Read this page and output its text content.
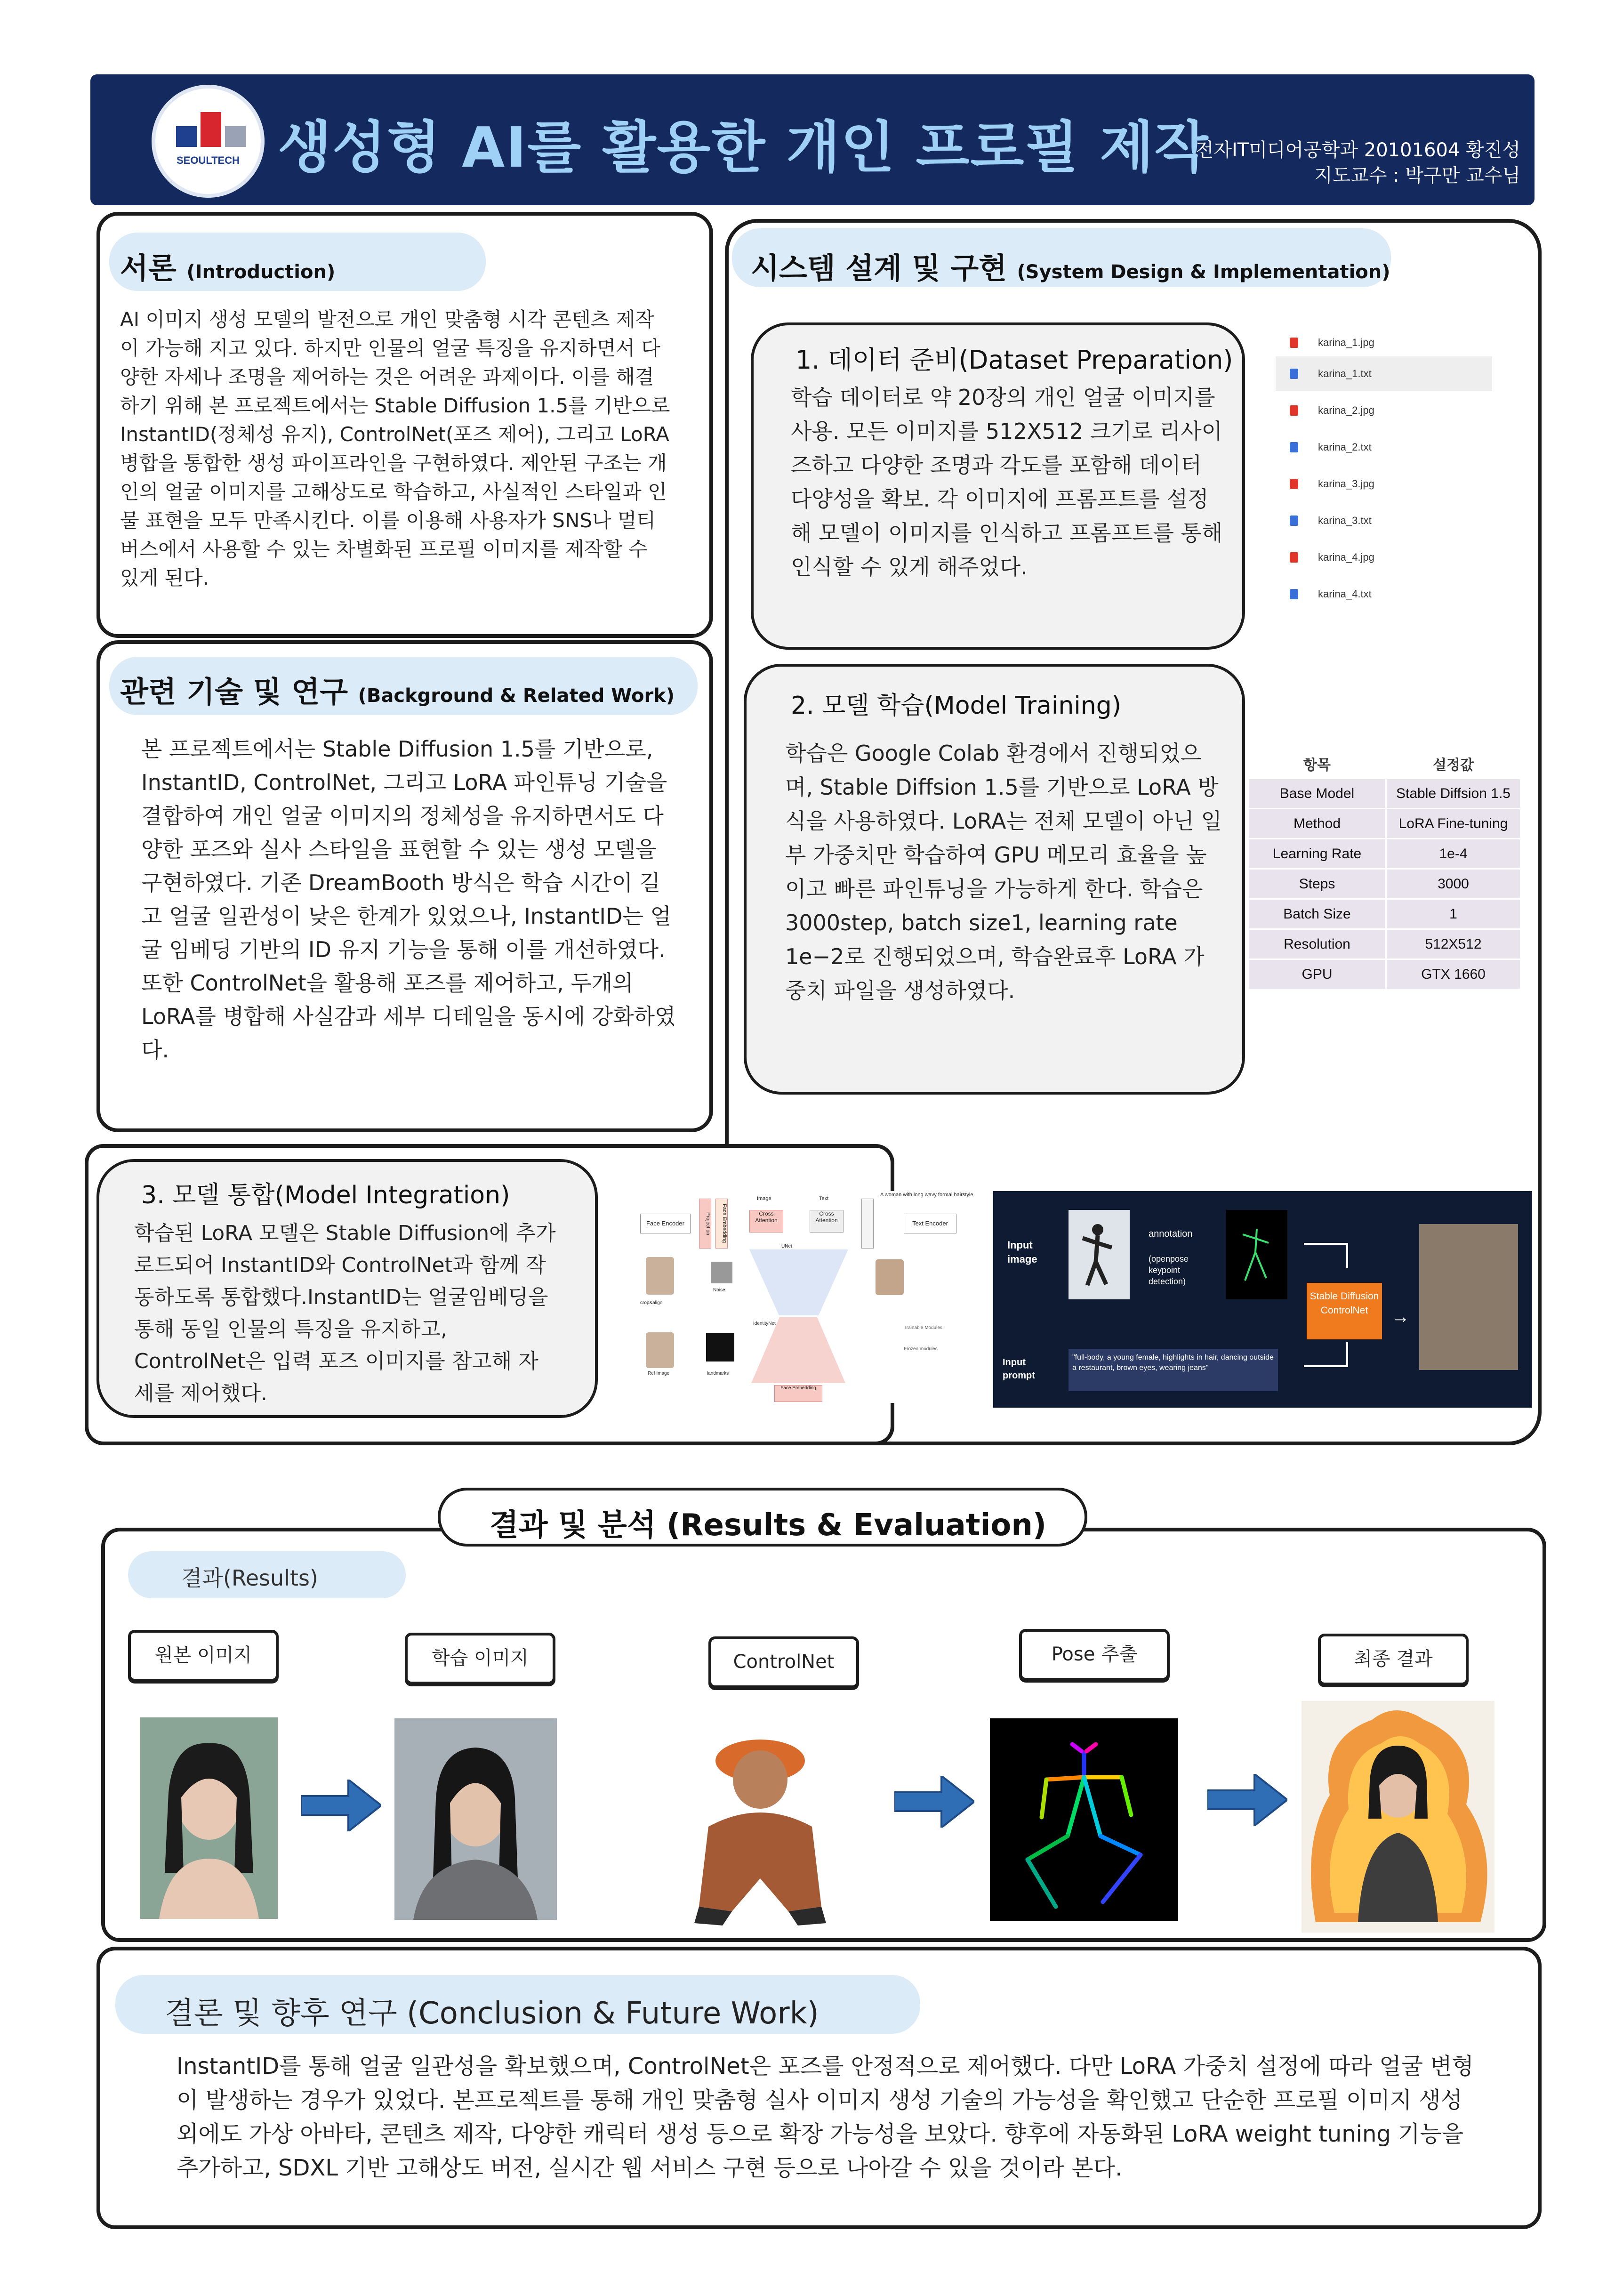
SEOULTECH 생성형 AI를 활용한 개인 프로필 제작
전자IT미디어공학과 20101604 황진성
지도교수 : 박구만 교수님
서론 (Introduction)
AI 이미지 생성 모델의 발전으로 개인 맞춤형 시각 콘텐츠 제작이 가능해 지고 있다. 하지만 인물의 얼굴 특징을 유지하면서 다양한 자세나 조명을 제어하는 것은 어려운 과제이다. 이를 해결하기 위해 본 프로젝트에서는 Stable Diffusion 1.5를 기반으로 InstantID(정체성 유지), ControlNet(포즈 제어), 그리고 LoRA 병합을 통합한 생성 파이프라인을 구현하였다. 제안된 구조는 개인의 얼굴 이미지를 고해상도로 학습하고, 사실적인 스타일과 인물 표현을 모두 만족시킨다. 이를 이용해 사용자가 SNS나 멀티버스에서 사용할 수 있는 차별화된 프로필 이미지를 제작할 수 있게 된다.
관련 기술 및 연구 (Background & Related Work)
본 프로젝트에서는 Stable Diffusion 1.5를 기반으로, InstantID, ControlNet, 그리고 LoRA 파인튜닝 기술을 결합하여 개인 얼굴 이미지의 정체성을 유지하면서도 다양한 포즈와 실사 스타일을 표현할 수 있는 생성 모델을 구현하였다. 기존 DreamBooth 방식은 학습 시간이 길고 얼굴 일관성이 낮은 한계가 있었으나, InstantID는 얼굴 임베딩 기반의 ID 유지 기능을 통해 이를 개선하였다. 또한 ControlNet을 활용해 포즈를 제어하고, 두개의 LoRA를 병합해 사실감과 세부 디테일을 동시에 강화하였다.
시스템 설계 및 구현 (System Design & Implementation)
1. 데이터 준비(Dataset Preparation)
학습 데이터로 약 20장의 개인 얼굴 이미지를 사용. 모든 이미지를 512X512 크기로 리사이즈하고 다양한 조명과 각도를 포함해 데이터 다양성을 확보. 각 이미지에 프롬프트를 설정해 모델이 이미지를 인식하고 프롬프트를 통해 인식할 수 있게 해주었다.
karina_1.jpg
karina_1.txt
karina_2.jpg
karina_2.txt
karina_3.jpg
karina_3.txt
karina_4.jpg
karina_4.txt
2. 모델 학습(Model Training)
학습은 Google Colab 환경에서 진행되었으며, Stable Diffsion 1.5를 기반으로 LoRA 방식을 사용하였다. LoRA는 전체 모델이 아닌 일부 가중치만 학습하여 GPU 메모리 효율을 높이고 빠른 파인튜닝을 가능하게 한다. 학습은 3000step, batch size1, learning rate 1e−2로 진행되었으며, 학습완료후 LoRA 가중치 파일을 생성하였다.
항목	설정값
Base Model	Stable Diffsion 1.5
Method	LoRA Fine-tuning
Learning Rate	1e-4
Steps	3000
Batch Size	1
Resolution	512X512
GPU	GTX 1660
3. 모델 통합(Model Integration)
학습된 LoRA 모델은 Stable Diffusion에 추가로드되어 InstantID와 ControlNet과 함께 작동하도록 통합했다.InstantID는 얼굴임베딩을 통해 동일 인물의 특징을 유지하고, ControlNet은 입력 포즈 이미지를 참고해 자세를 제어했다.
Face Encoder	Projection	Face Embedding
Image	Text
Cross Attention
Cross Attention	Text Encoder
A woman with long wavy formal hairstyle
crop&align
Noise
UNet
IdentityNet
Ref Image	landmarks
Face Embedding
Trainable Modules
Frozen modules
Input image
annotation
(openpose keypoint detection)
Stable Diffusion ControlNet	→
Input prompt
"full-body, a young female, highlights in hair, dancing outside a restaurant, brown eyes, wearing jeans"
결과 및 분석 (Results & Evaluation)
결과(Results)
원본 이미지	학습 이미지	ControlNet	Pose 추출	최종 결과
결론 및 향후 연구 (Conclusion & Future Work)
InstantID를 통해 얼굴 일관성을 확보했으며, ControlNet은 포즈를 안정적으로 제어했다. 다만 LoRA 가중치 설정에 따라 얼굴 변형이 발생하는 경우가 있었다. 본프로젝트를 통해 개인 맞춤형 실사 이미지 생성 기술의 가능성을 확인했고 단순한 프로필 이미지 생성 외에도 가상 아바타, 콘텐츠 제작, 다양한 캐릭터 생성 등으로 확장 가능성을 보았다. 향후에 자동화된 LoRA weight tuning 기능을 추가하고, SDXL 기반 고해상도 버전, 실시간 웹 서비스 구현 등으로 나아갈 수 있을 것이라 본다.
